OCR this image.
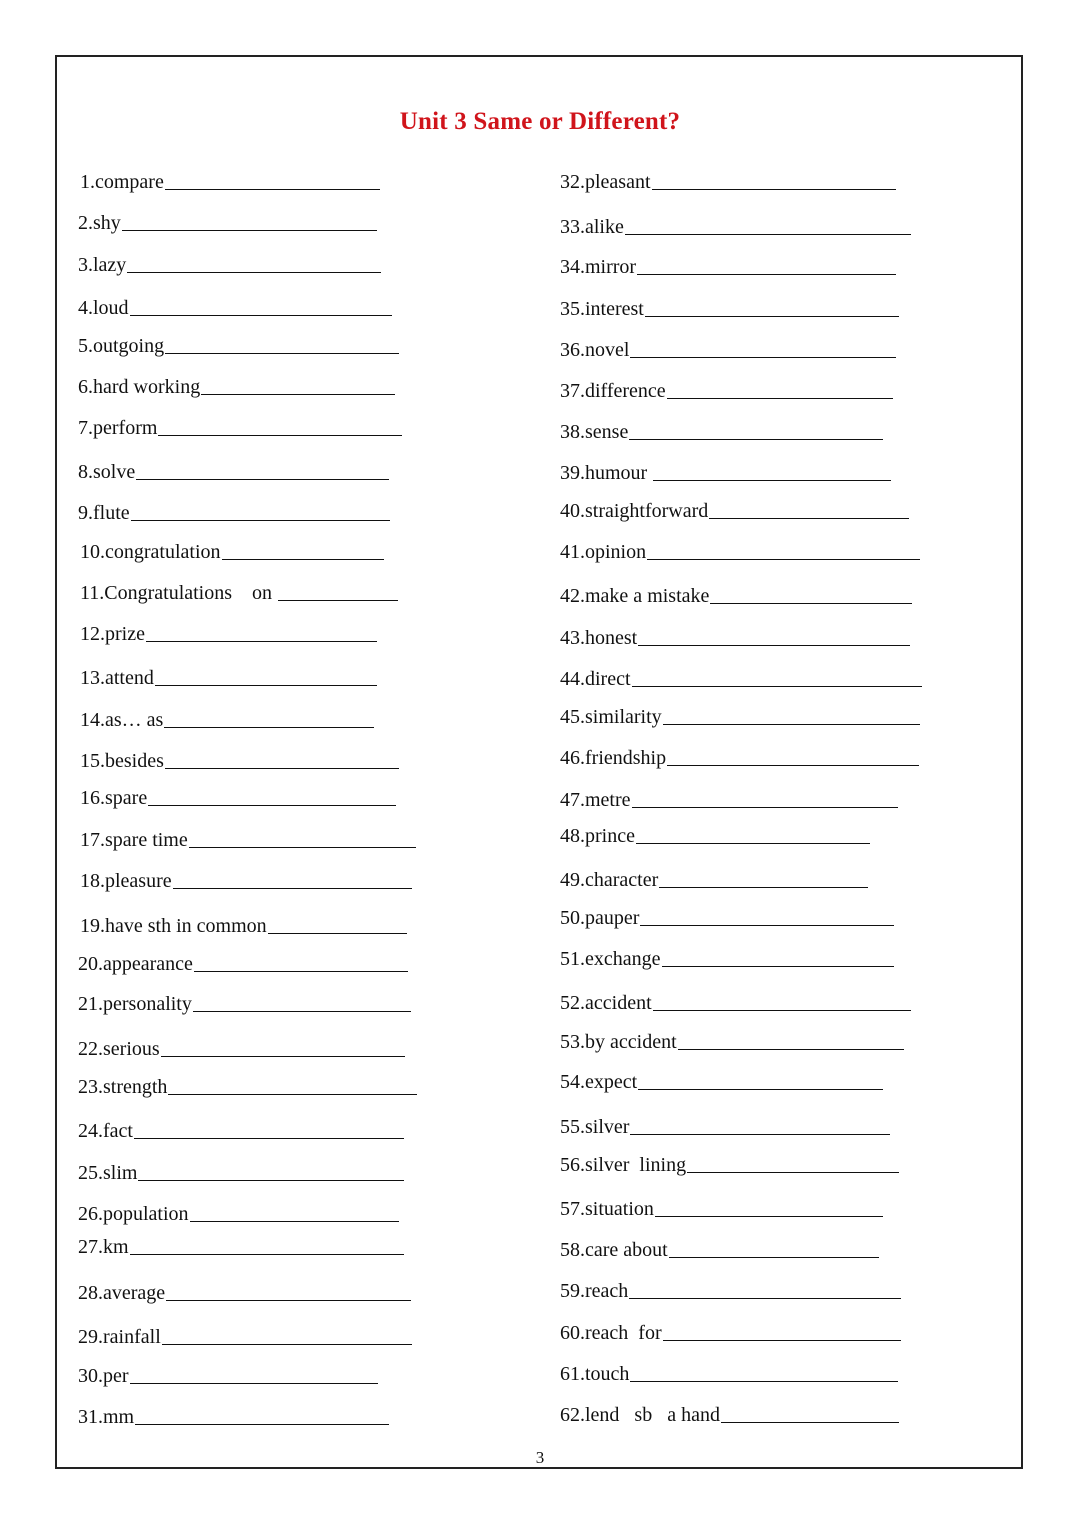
Unit 3 Same or Different?
1.compare
2.shy
3.lazy
4.loud
5.outgoing
6.hard working
7.perform
8.solve
9.flute
10.congratulation
11.Congratulations    on
12.prize
13.attend
14.as… as
15.besides
16.spare
17.spare time
18.pleasure
19.have sth in common
20.appearance
21.personality
22.serious
23.strength
24.fact
25.slim
26.population
27.km
28.average
29.rainfall
30.per
31.mm
32.pleasant
33.alike
34.mirror
35.interest
36.novel
37.difference
38.sense
39.humour
40.straightforward
41.opinion
42.make a mistake
43.honest
44.direct
45.similarity
46.friendship
47.metre
48.prince
49.character
50.pauper
51.exchange
52.accident
53.by accident
54.expect
55.silver
56.silver  lining
57.situation
58.care about
59.reach
60.reach  for
61.touch
62.lend   sb   a hand
3
